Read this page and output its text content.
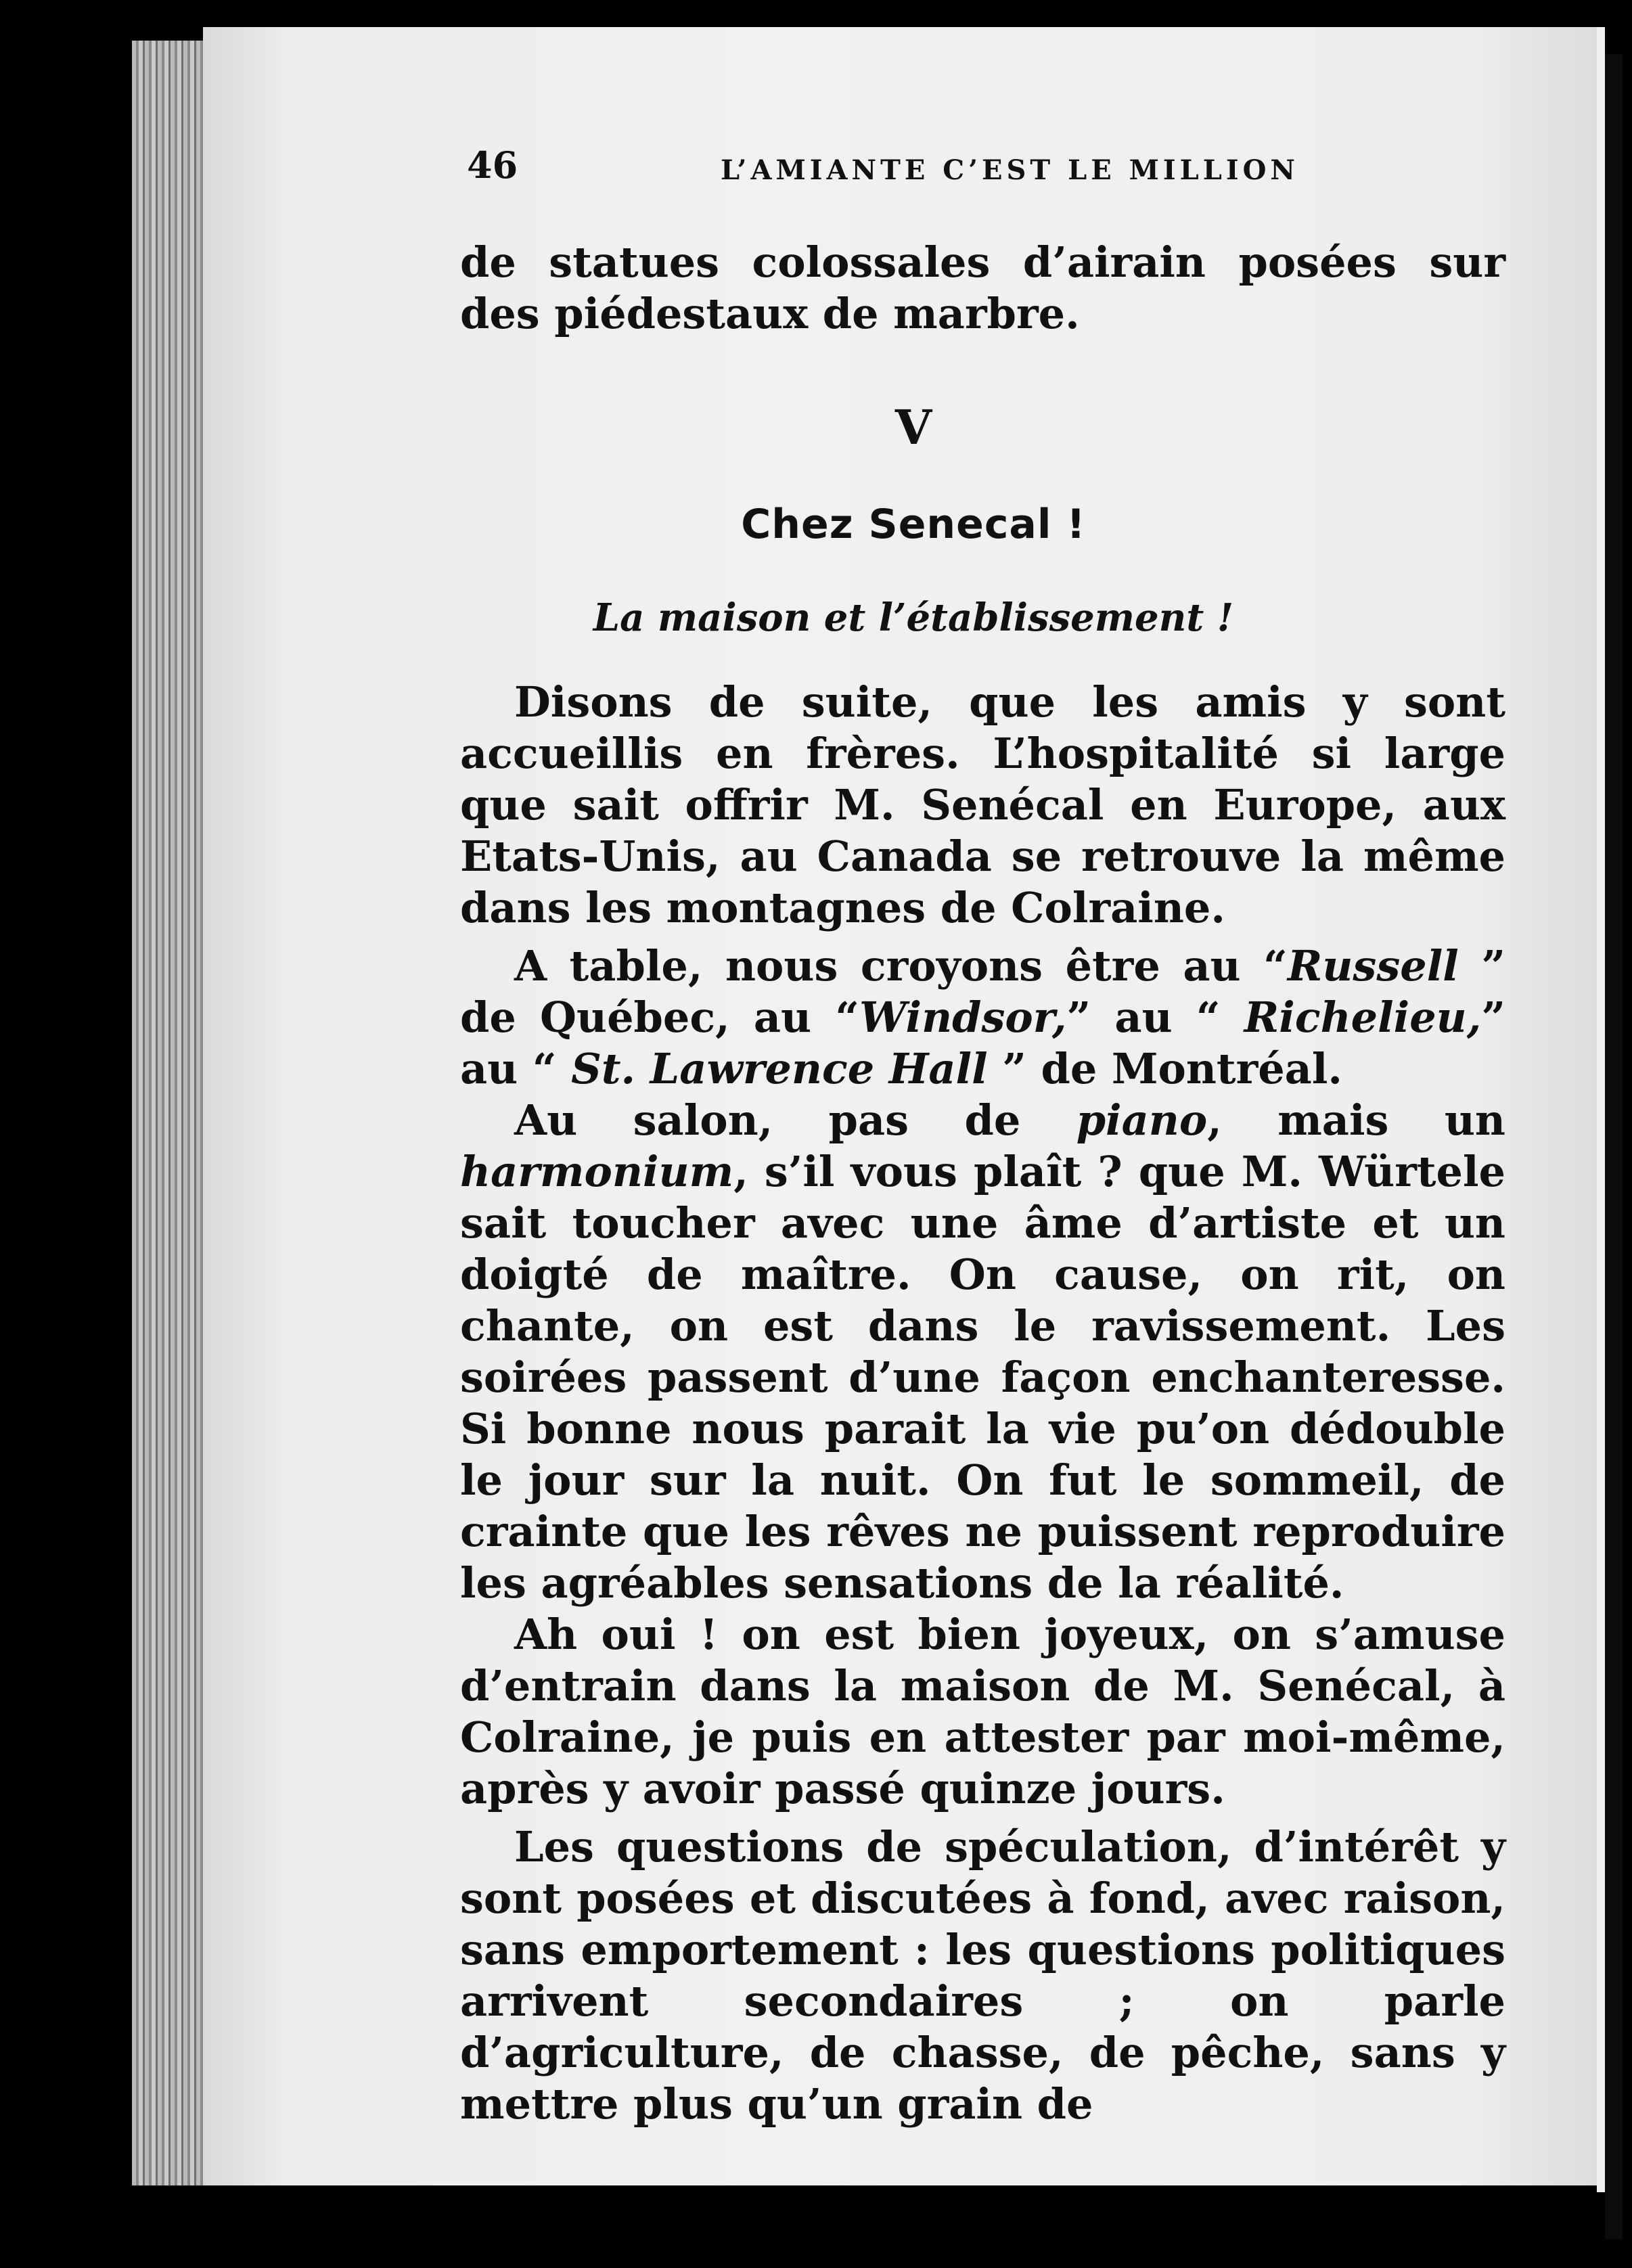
46	L’AMIANTE C’EST LE MILLION

de statues colossales d’airain posées sur des piédestaux de marbre.

V
Chez Senecal !
La maison et l’établissement !

Disons de suite, que les amis y sont accueillis en frères. L’hospitalité si large que sait offrir M. Senécal en Europe, aux Etats-Unis, au Canada se retrouve la même dans les montagnes de Colraine.

A table, nous croyons être au “Russell ” de Québec, au “Windsor,” au “ Richelieu,” au “ St. Lawrence Hall ” de Montréal.

Au salon, pas de piano, mais un harmonium, s’il vous plaît ? que M. Würtele sait toucher avec une âme d’artiste et un doigté de maître. On cause, on rit, on chante, on est dans le ravissement. Les soirées passent d’une façon enchanteresse. Si bonne nous parait la vie pu’on dédouble le jour sur la nuit. On fut le sommeil, de crainte que les rêves ne puissent reproduire les agréables sensations de la réalité.

Ah oui ! on est bien joyeux, on s’amuse d’entrain dans la maison de M. Senécal, à Colraine, je puis en attester par moi-même, après y avoir passé quinze jours.

Les questions de spéculation, d’intérêt y sont posées et discutées à fond, avec raison, sans emportement : les questions politiques arrivent secondaires ; on parle d’agriculture, de chasse, de pêche, sans y mettre plus qu’un grain de
